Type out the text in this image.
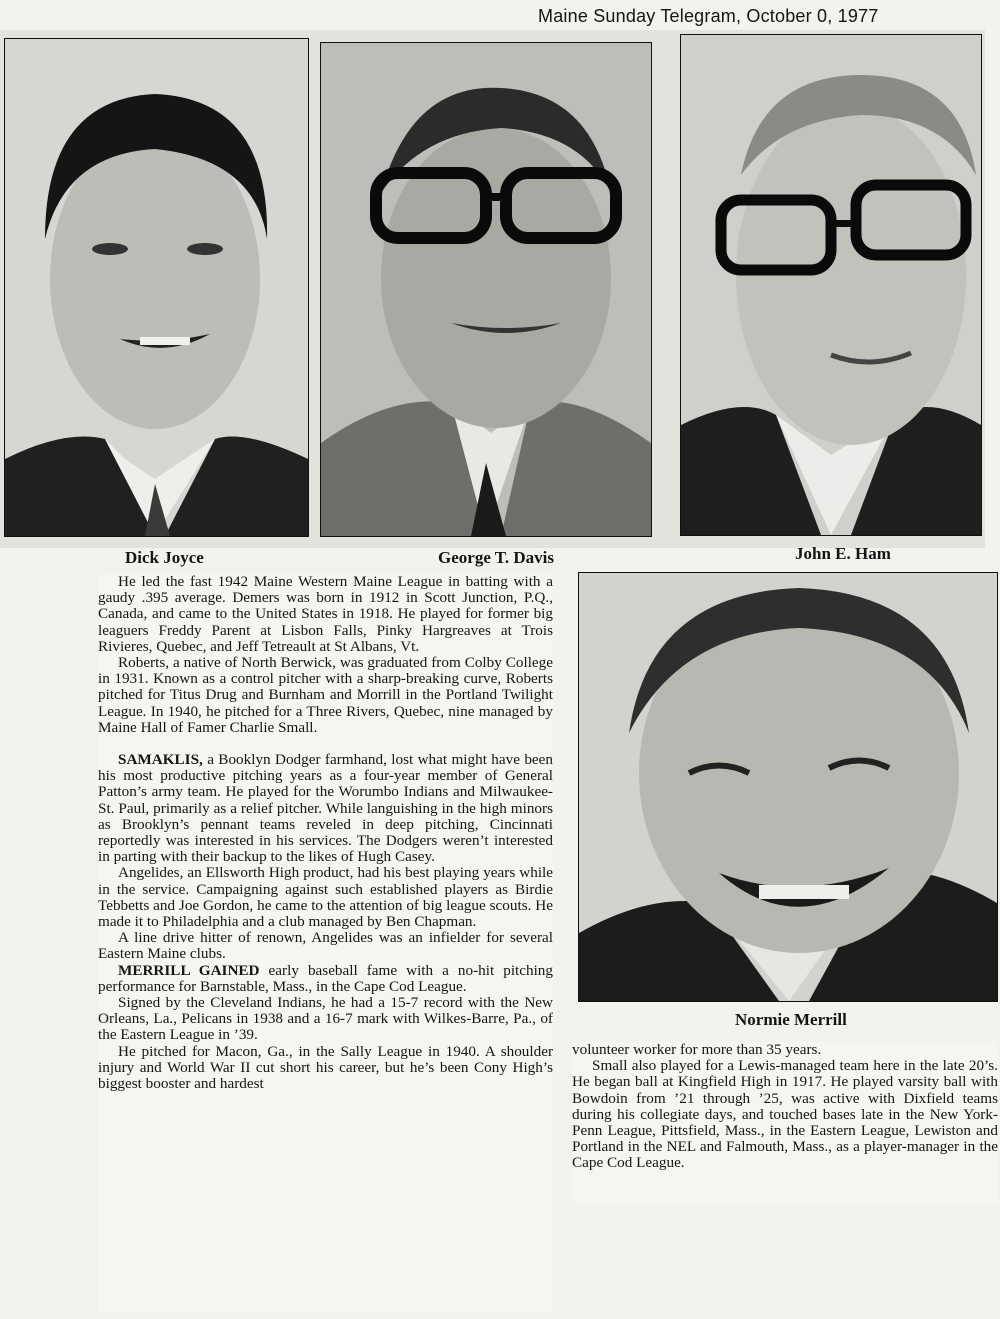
Maine Sunday Telegram, October 0, 1977
Dick Joyce	George T. Davis	John E. Ham
Normie Merrill

He led the fast 1942 Maine Western Maine League in batting with a gaudy .395 average. Demers was born in 1912 in Scott Junction, P.Q., Canada, and came to the United States in 1918. He played for former big leaguers Freddy Parent at Lisbon Falls, Pinky Hargreaves at Trois Rivieres, Quebec, and Jeff Tetreault at St Albans, Vt.

Roberts, a native of North Berwick, was graduated from Colby College in 1931. Known as a control pitcher with a sharp-breaking curve, Roberts pitched for Titus Drug and Burnham and Morrill in the Portland Twilight League. In 1940, he pitched for a Three Rivers, Quebec, nine managed by Maine Hall of Famer Charlie Small.

SAMAKLIS, a Booklyn Dodger farmhand, lost what might have been his most productive pitching years as a four-year member of General Patton’s army team. He played for the Worumbo Indians and Milwaukee-St. Paul, primarily as a relief pitcher. While languishing in the high minors as Brooklyn’s pennant teams reveled in deep pitching, Cincinnati reportedly was interested in his services. The Dodgers weren’t interested in parting with their backup to the likes of Hugh Casey.

Angelides, an Ellsworth High product, had his best playing years while in the service. Campaigning against such established players as Birdie Tebbetts and Joe Gordon, he came to the attention of big league scouts. He made it to Philadelphia and a club managed by Ben Chapman.

A line drive hitter of renown, Angelides was an infielder for several Eastern Maine clubs.

MERRILL GAINED early baseball fame with a no-hit pitching performance for Barnstable, Mass., in the Cape Cod League.

Signed by the Cleveland Indians, he had a 15-7 record with the New Orleans, La., Pelicans in 1938 and a 16-7 mark with Wilkes-Barre, Pa., of the Eastern League in ’39.

He pitched for Macon, Ga., in the Sally League in 1940. A shoulder injury and World War II cut short his career, but he’s been Cony High’s biggest booster and hardest

volunteer worker for more than 35 years.

Small also played for a Lewis-managed team here in the late 20’s. He began ball at Kingfield High in 1917. He played varsity ball with Bowdoin from ’21 through ’25, was active with Dixfield teams during his collegiate days, and touched bases late in the New York-Penn League, Pittsfield, Mass., in the Eastern League, Lewiston and Portland in the NEL and Falmouth, Mass., as a player-manager in the Cape Cod League.
